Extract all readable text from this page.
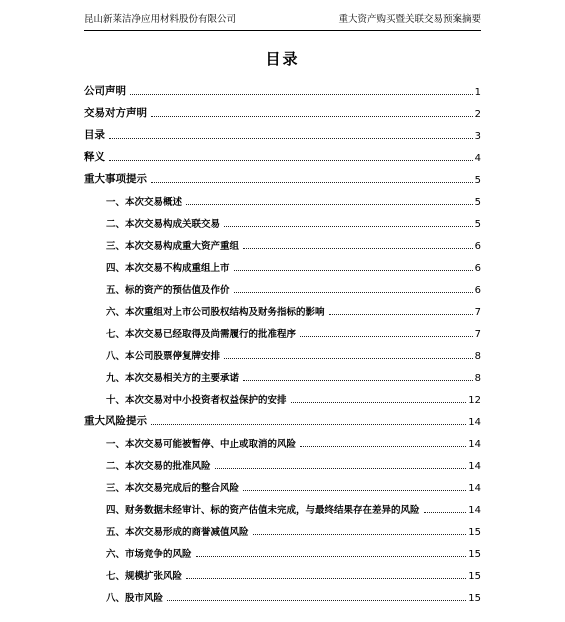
昆山新莱洁净应用材料股份有限公司	重大资产购买暨关联交易预案摘要
目录
公司声明	1
交易对方声明	2
目录	3
释义	4
重大事项提示	5
一、本次交易概述	5
二、本次交易构成关联交易	5
三、本次交易构成重大资产重组	6
四、本次交易不构成重组上市	6
五、标的资产的预估值及作价	6
六、本次重组对上市公司股权结构及财务指标的影响	7
七、本次交易已经取得及尚需履行的批准程序	7
八、本公司股票停复牌安排	8
九、本次交易相关方的主要承诺	8
十、本次交易对中小投资者权益保护的安排	12
重大风险提示	14
一、本次交易可能被暂停、中止或取消的风险	14
二、本次交易的批准风险	14
三、本次交易完成后的整合风险	14
四、财务数据未经审计、标的资产估值未完成，与最终结果存在差异的风险	14
五、本次交易形成的商誉减值风险	15
六、市场竞争的风险	15
七、规模扩张风险	15
八、股市风险	15
